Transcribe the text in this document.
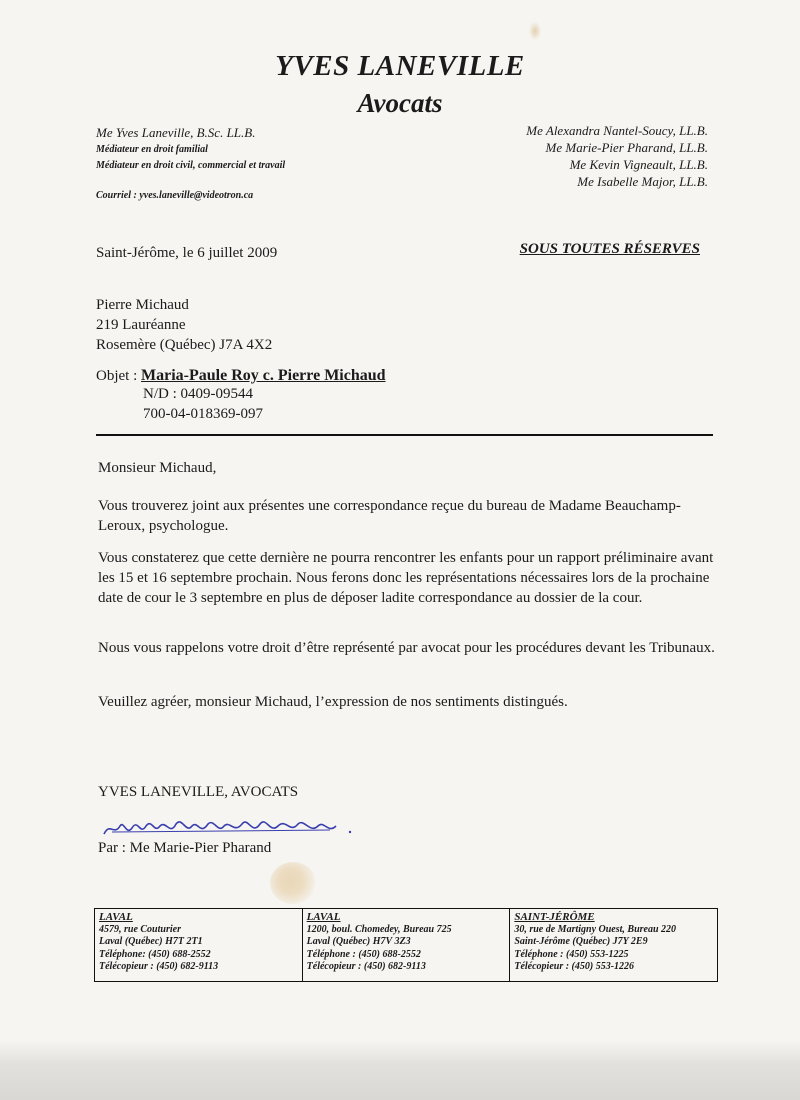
YVES LANEVILLE
Avocats
Me Yves Laneville, B.Sc. LL.B.
Médiateur en droit familial
Médiateur en droit civil, commercial et travail
Courriel : yves.laneville@videotron.ca
Me Alexandra Nantel-Soucy, LL.B.
Me Marie-Pier Pharand, LL.B.
Me Kevin Vigneault, LL.B.
Me Isabelle Major, LL.B.
Saint-Jérôme, le 6 juillet 2009	SOUS TOUTES RÉSERVES
Pierre Michaud
219 Lauréanne
Rosemère (Québec) J7A 4X2
Objet : Maria-Paule Roy c. Pierre Michaud
N/D : 0409-09544
700-04-018369-097
Monsieur Michaud,
Vous trouverez joint aux présentes une correspondance reçue du bureau de Madame Beauchamp-Leroux, psychologue.
Vous constaterez que cette dernière ne pourra rencontrer les enfants pour un rapport préliminaire avant les 15 et 16 septembre prochain. Nous ferons donc les représentations nécessaires lors de la prochaine date de cour le 3 septembre en plus de déposer ladite correspondance au dossier de la cour.
Nous vous rappelons votre droit d’être représenté par avocat pour les procédures devant les Tribunaux.
Veuillez agréer, monsieur Michaud, l’expression de nos sentiments distingués.
YVES LANEVILLE, AVOCATS
Par : Me Marie-Pier Pharand
LAVAL
4579, rue Couturier
Laval (Québec) H7T 2T1
Téléphone: (450) 688-2552
Télécopieur : (450) 682-9113
LAVAL
1200, boul. Chomedey, Bureau 725
Laval (Québec) H7V 3Z3
Téléphone : (450) 688-2552
Télécopieur : (450) 682-9113
SAINT-JÉRÔME
30, rue de Martigny Ouest, Bureau 220
Saint-Jérôme (Québec) J7Y 2E9
Téléphone : (450) 553-1225
Télécopieur : (450) 553-1226
